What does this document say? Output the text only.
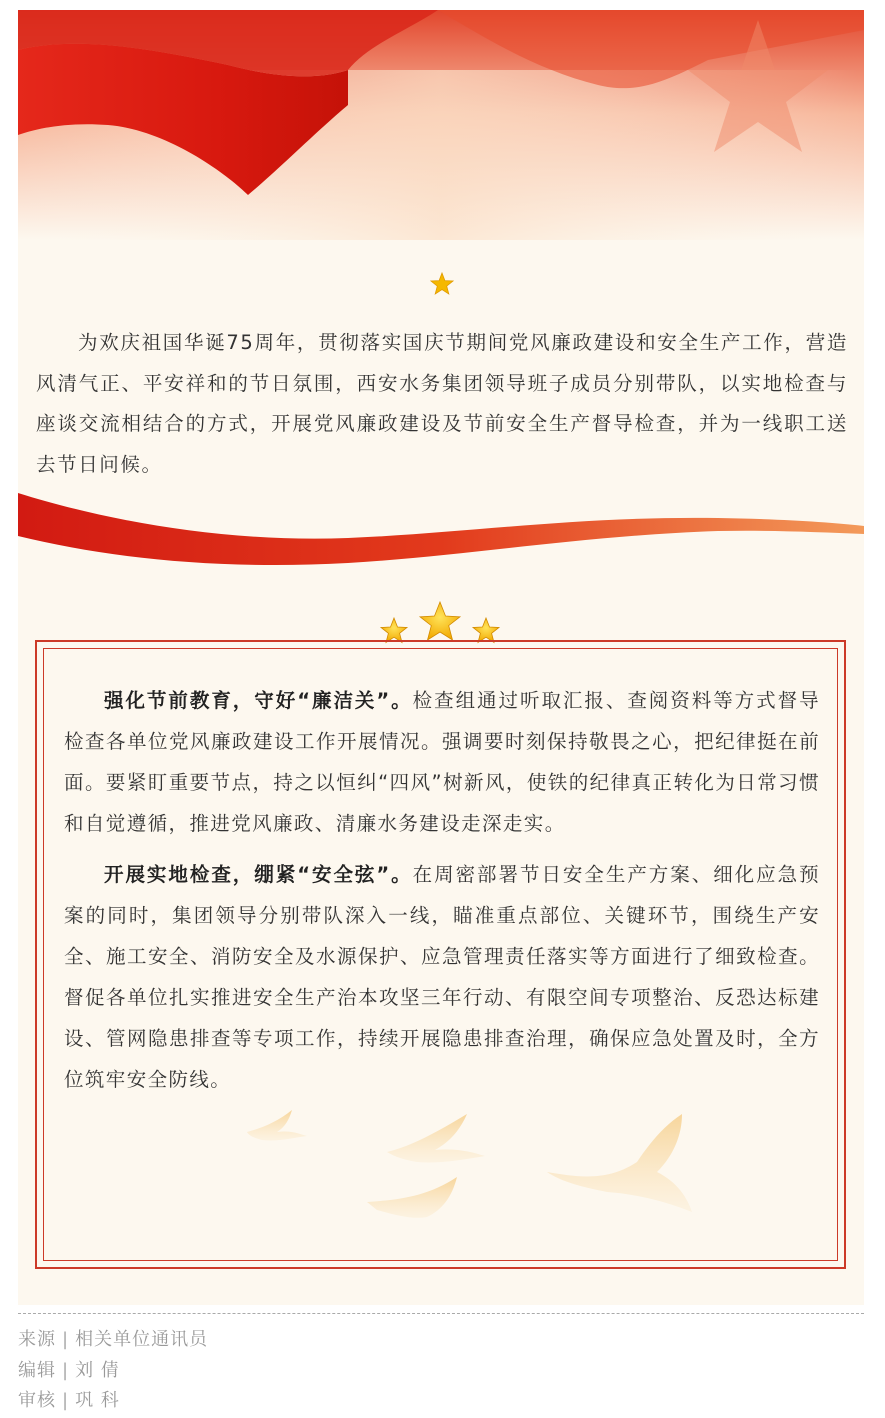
为欢庆祖国华诞75周年，贯彻落实国庆节期间党风廉政建设和安全生产工作，营造风清气正、平安祥和的节日氛围，西安水务集团领导班子成员分别带队，以实地检查与座谈交流相结合的方式，开展党风廉政建设及节前安全生产督导检查，并为一线职工送去节日问候。

强化节前教育，守好“廉洁关”。检查组通过听取汇报、查阅资料等方式督导检查各单位党风廉政建设工作开展情况。强调要时刻保持敬畏之心，把纪律挺在前面。要紧盯重要节点，持之以恒纠“四风”树新风，使铁的纪律真正转化为日常习惯和自觉遵循，推进党风廉政、清廉水务建设走深走实。

开展实地检查，绷紧“安全弦”。在周密部署节日安全生产方案、细化应急预案的同时，集团领导分别带队深入一线，瞄准重点部位、关键环节，围绕生产安全、施工安全、消防安全及水源保护、应急管理责任落实等方面进行了细致检查。督促各单位扎实推进安全生产治本攻坚三年行动、有限空间专项整治、反恐达标建设、管网隐患排查等专项工作，持续开展隐患排查治理，确保应急处置及时，全方位筑牢安全防线。

来源 | 相关单位通讯员
编辑 | 刘 倩
审核 | 巩 科
